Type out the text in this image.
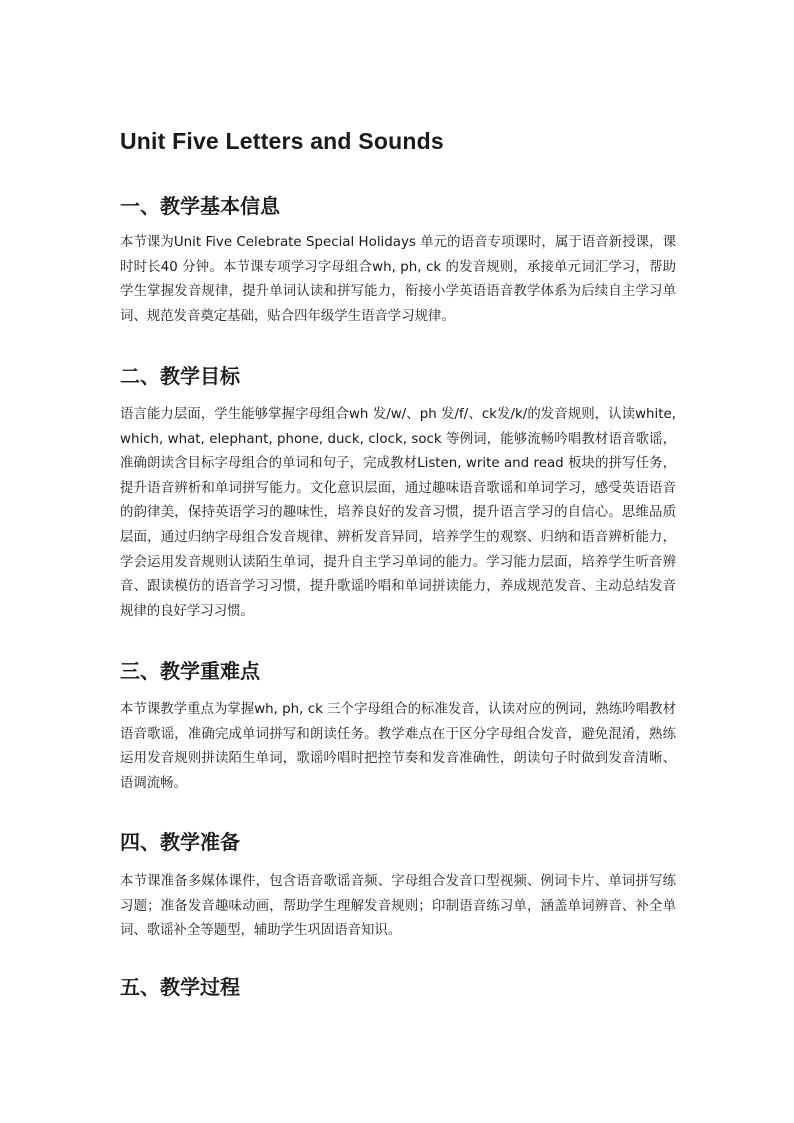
Unit Five Letters and Sounds
一、教学基本信息

本节课为Unit Five Celebrate Special Holidays 单元的语音专项课时，属于语音新授课，课时时长40 分钟。本节课专项学习字母组合wh, ph, ck 的发音规则，承接单元词汇学习，帮助学生掌握发音规律，提升单词认读和拼写能力，衔接小学英语语音教学体系为后续自主学习单词、规范发音奠定基础，贴合四年级学生语音学习规律。

二、教学目标

语言能力层面，学生能够掌握字母组合wh 发/w/、ph 发/f/、ck发/k/的发音规则，认读white, which, what, elephant, phone, duck, clock, sock 等例词，能够流畅吟唱教材语音歌谣，准确朗读含目标字母组合的单词和句子，完成教材Listen, write and read 板块的拼写任务，提升语音辨析和单词拼写能力。文化意识层面，通过趣味语音歌谣和单词学习，感受英语语音的韵律美，保持英语学习的趣味性，培养良好的发音习惯，提升语言学习的自信心。思维品质层面，通过归纳字母组合发音规律、辨析发音异同，培养学生的观察、归纳和语音辨析能力，学会运用发音规则认读陌生单词，提升自主学习单词的能力。学习能力层面，培养学生听音辨音、跟读模仿的语音学习习惯，提升歌谣吟唱和单词拼读能力，养成规范发音、主动总结发音规律的良好学习习惯。

三、教学重难点

本节课教学重点为掌握wh, ph, ck 三个字母组合的标准发音，认读对应的例词，熟练吟唱教材语音歌谣，准确完成单词拼写和朗读任务。教学难点在于区分字母组合发音，避免混淆，熟练运用发音规则拼读陌生单词，歌谣吟唱时把控节奏和发音准确性，朗读句子时做到发音清晰、语调流畅。

四、教学准备

本节课准备多媒体课件，包含语音歌谣音频、字母组合发音口型视频、例词卡片、单词拼写练习题；准备发音趣味动画，帮助学生理解发音规则；印制语音练习单，涵盖单词辨音、补全单词、歌谣补全等题型，辅助学生巩固语音知识。

五、教学过程
